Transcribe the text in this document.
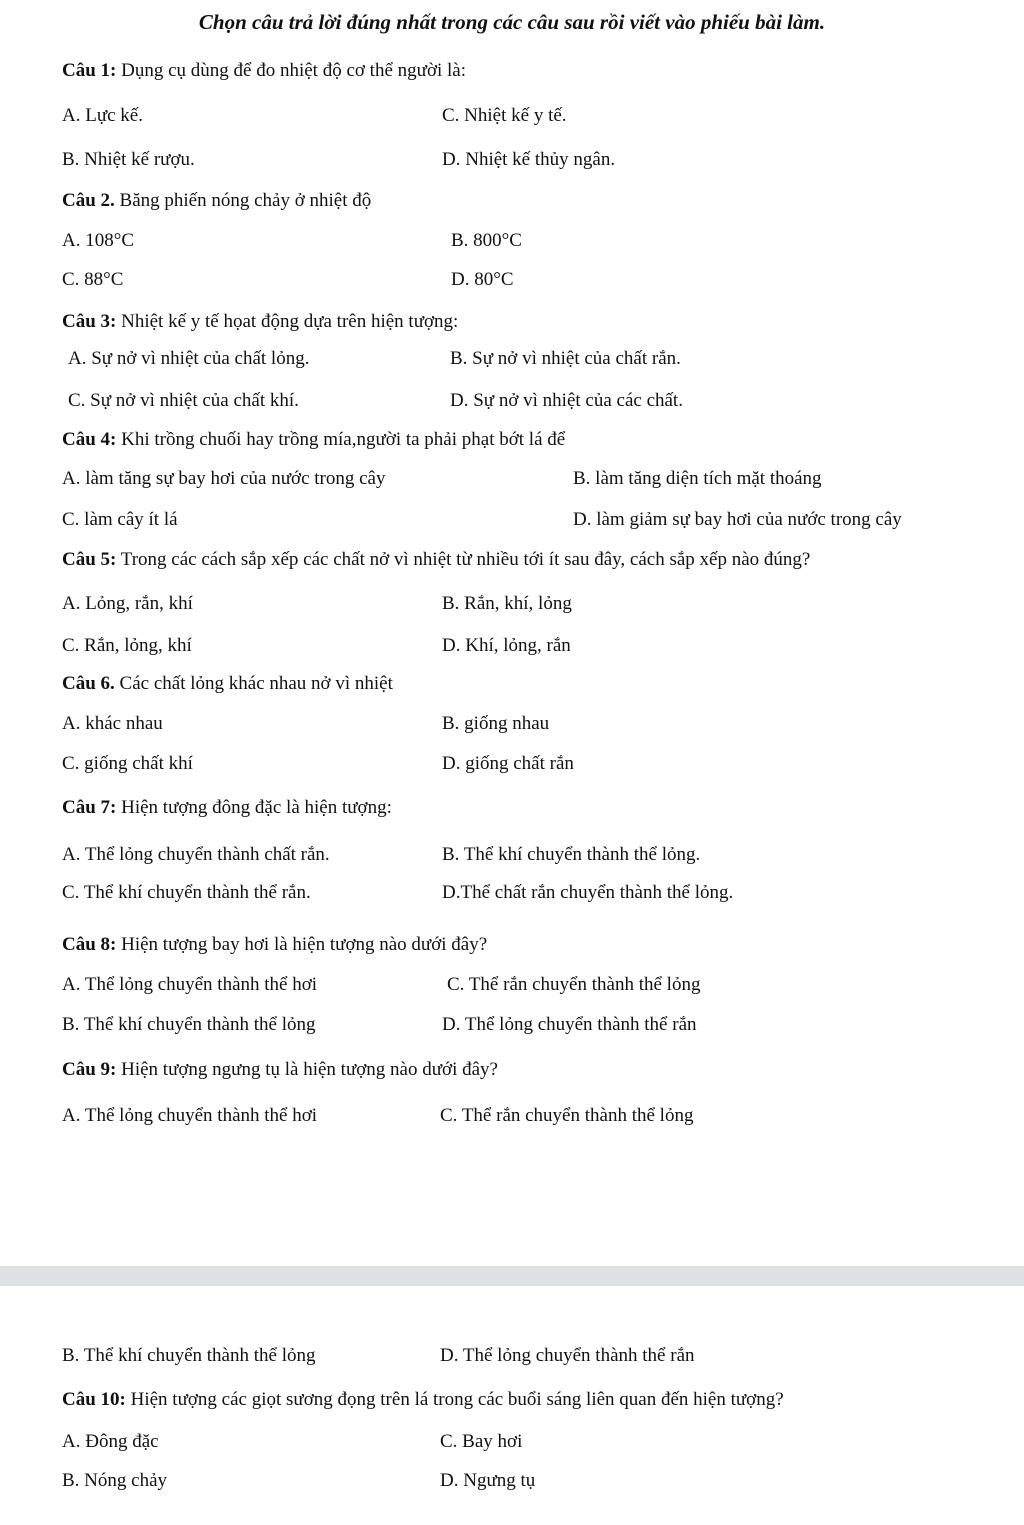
Chọn câu trả lời đúng nhất trong các câu sau rồi viết vào phiếu bài làm.
Câu 1: Dụng cụ dùng để đo nhiệt độ cơ thể người là:
A. Lực kế.	C. Nhiệt kế y tế.
B. Nhiệt kế rượu.	D. Nhiệt kế thủy ngân.
Câu 2. Băng phiến nóng chảy ở nhiệt độ
A. 108°C	B. 800°C
C. 88°C	D. 80°C
Câu 3: Nhiệt kế y tế họat động dựa trên hiện tượng:
A. Sự nở vì nhiệt của chất lỏng.	B. Sự nở vì nhiệt của chất rắn.
C. Sự nở vì nhiệt của chất khí.	D. Sự nở vì nhiệt của các chất.
Câu 4: Khi trồng chuối hay trồng mía,người ta phải phạt bớt lá để
A. làm tăng sự bay hơi của nước trong cây	B. làm tăng diện tích mặt thoáng
C. làm cây ít lá	D. làm giảm sự bay hơi của nước trong cây
Câu 5: Trong các cách sắp xếp các chất nở vì nhiệt từ nhiều tới ít sau đây, cách sắp xếp nào đúng?
A. Lỏng, rắn, khí	B. Rắn, khí, lỏng
C. Rắn, lỏng, khí	D. Khí, lỏng, rắn
Câu 6. Các chất lỏng khác nhau nở vì nhiệt
A. khác nhau	B. giống nhau
C. giống chất khí	D. giống chất rắn
Câu 7: Hiện tượng đông đặc là hiện tượng:
A. Thể lỏng chuyển thành chất rắn.	B. Thể khí chuyển thành thể lỏng.
C. Thể khí chuyển thành thể rắn.	D.Thể chất rắn chuyển thành thể lỏng.
Câu 8: Hiện tượng bay hơi là hiện tượng nào dưới đây?
A. Thể lỏng chuyển thành thể hơi	C. Thể rắn chuyển thành thể lỏng
B. Thể khí chuyển thành thể lỏng	D. Thể lỏng chuyển thành thể rắn
Câu 9: Hiện tượng ngưng tụ là hiện tượng nào dưới đây?
A. Thể lỏng chuyển thành thể hơi	C. Thể rắn chuyển thành thể lỏng
B. Thể khí chuyển thành thể lỏng	D. Thể lỏng chuyển thành thể rắn
Câu 10: Hiện tượng các giọt sương đọng trên lá trong các buổi sáng liên quan đến hiện tượng?
A. Đông đặc	C. Bay hơi
B. Nóng chảy	D. Ngưng tụ
